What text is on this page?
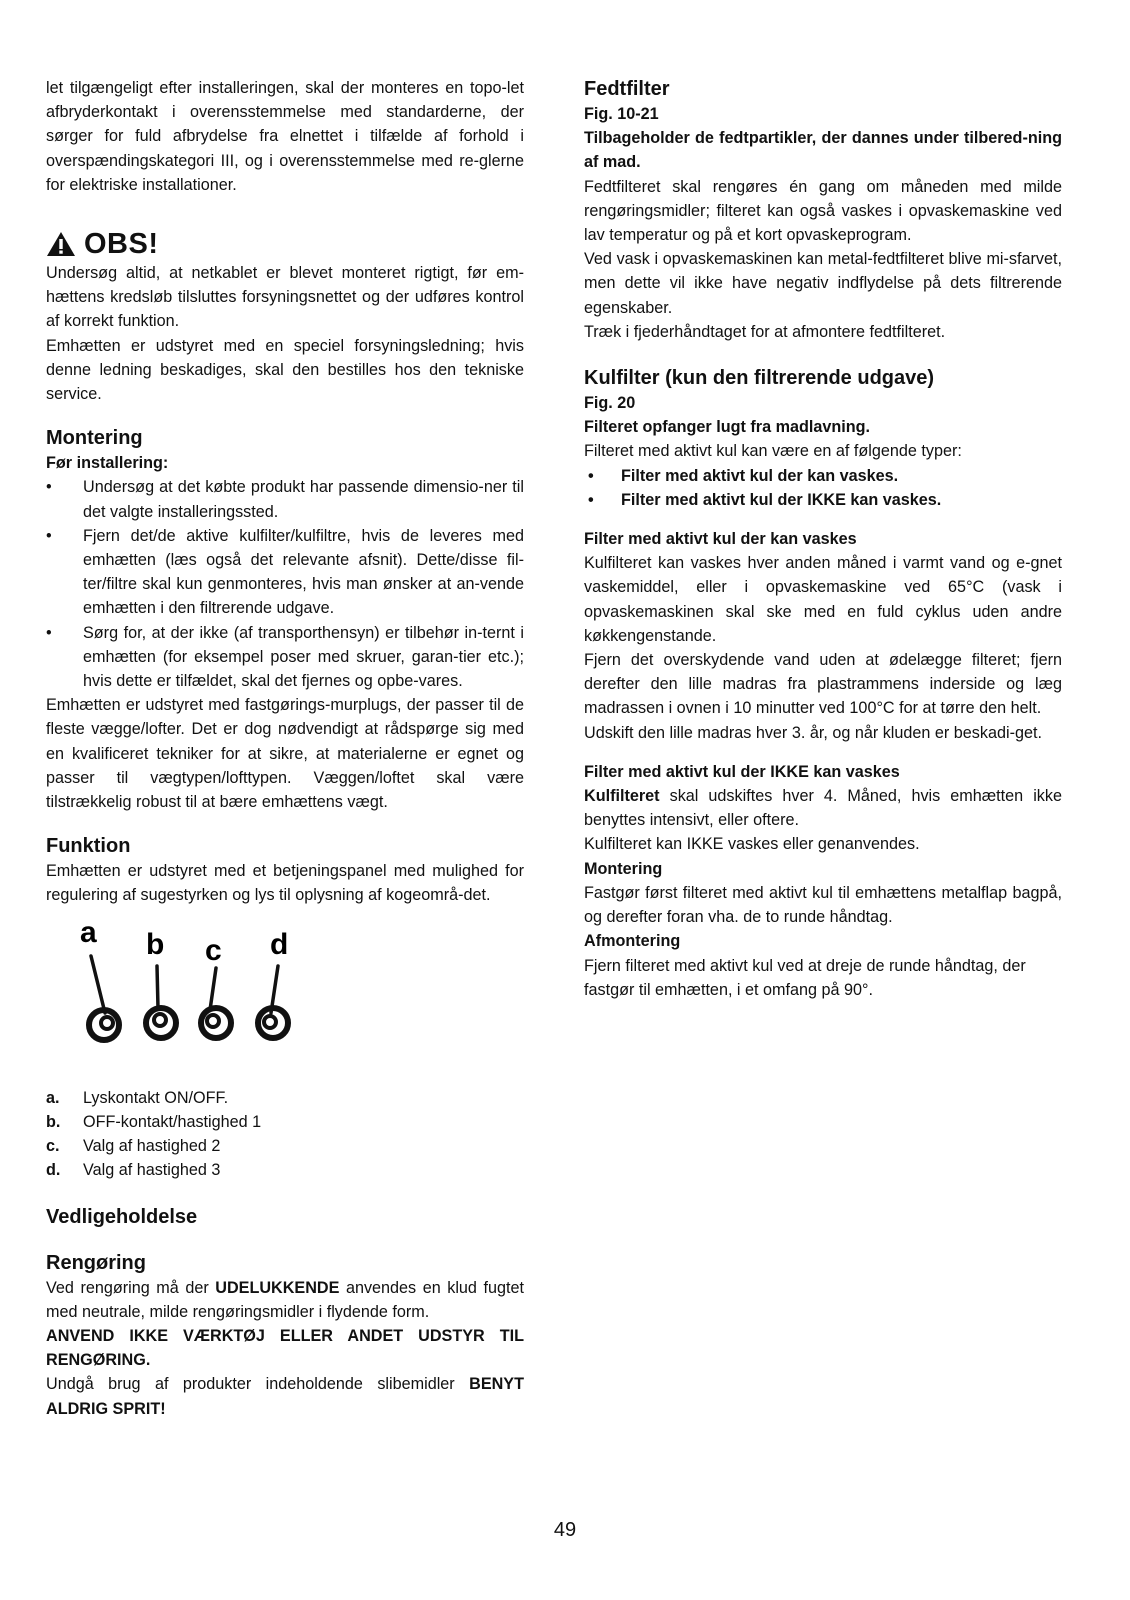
let tilgængeligt efter installeringen, skal der monteres en topo-let afbryderkontakt i overensstemmelse med standarderne, der sørger for fuld afbrydelse fra elnettet i tilfælde af forhold i overspændingskategori III, og i overensstemmelse med re-glerne for elektriske installationer.

OBS!

Undersøg altid, at netkablet er blevet monteret rigtigt, før em-hættens kredsløb tilsluttes forsyningsnettet og der udføres kontrol af korrekt funktion.

Emhætten er udstyret med en speciel forsyningsledning; hvis denne ledning beskadiges, skal den bestilles hos den tekniske service.

Montering

Før installering:

• Undersøg at det købte produkt har passende dimensio-ner til det valgte installeringssted.
• Fjern det/de aktive kulfilter/kulfiltre, hvis de leveres med emhætten (læs også det relevante afsnit). Dette/disse fil-ter/filtre skal kun genmonteres, hvis man ønsker at an-vende emhætten i den filtrerende udgave.
• Sørg for, at der ikke (af transporthensyn) er tilbehør in-ternt i emhætten (for eksempel poser med skruer, garan-tier etc.); hvis dette er tilfældet, skal det fjernes og opbe-vares.

Emhætten er udstyret med fastgørings-murplugs, der passer til de fleste vægge/lofter. Det er dog nødvendigt at rådspørge sig med en kvalificeret tekniker for at sikre, at materialerne er egnet og passer til vægtypen/lofttypen. Væggen/loftet skal være tilstrækkelig robust til at bære emhættens vægt.

Funktion

Emhætten er udstyret med et betjeningspanel med mulighed for regulering af sugestyrken og lys til oplysning af kogeområ-det.

a b c d
a.	Lyskontakt ON/OFF.
b.	OFF-kontakt/hastighed 1
c.	Valg af hastighed 2
d.	Valg af hastighed 3
Vedligeholdelse
Rengøring

Ved rengøring må der UDELUKKENDE anvendes en klud fugtet med neutrale, milde rengøringsmidler i flydende form.

ANVEND IKKE VÆRKTØJ ELLER ANDET UDSTYR TIL RENGØRING.

Undgå brug af produkter indeholdende slibemidler BENYT ALDRIG SPRIT!

Fedtfilter

Fig. 10-21

Tilbageholder de fedtpartikler, der dannes under tilbered-ning af mad.

Fedtfilteret skal rengøres én gang om måneden med milde rengøringsmidler; filteret kan også vaskes i opvaskemaskine ved lav temperatur og på et kort opvaskeprogram.

Ved vask i opvaskemaskinen kan metal-fedtfilteret blive mi-sfarvet, men dette vil ikke have negativ indflydelse på dets filtrerende egenskaber.

Træk i fjederhåndtaget for at afmontere fedtfilteret.

Kulfilter (kun den filtrerende udgave)

Fig. 20

Filteret opfanger lugt fra madlavning.

Filteret med aktivt kul kan være en af følgende typer:

• Filter med aktivt kul der kan vaskes.
• Filter med aktivt kul der IKKE kan vaskes.

Filter med aktivt kul der kan vaskes

Kulfilteret kan vaskes hver anden måned i varmt vand og e-gnet vaskemiddel, eller i opvaskemaskine ved 65°C (vask i opvaskemaskinen skal ske med en fuld cyklus uden andre køkkengenstande.

Fjern det overskydende vand uden at ødelægge filteret; fjern derefter den lille madras fra plastrammens inderside og læg madrassen i ovnen i 10 minutter ved 100°C for at tørre den helt.

Udskift den lille madras hver 3. år, og når kluden er beskadi-get.

Filter med aktivt kul der IKKE kan vaskes

Kulfilteret skal udskiftes hver 4. Måned, hvis emhætten ikke benyttes intensivt, eller oftere.

Kulfilteret kan IKKE vaskes eller genanvendes.

Montering

Fastgør først filteret med aktivt kul til emhættens metalflap bagpå, og derefter foran vha. de to runde håndtag.

Afmontering

Fjern filteret med aktivt kul ved at dreje de runde håndtag, der fastgør til emhætten, i et omfang på 90°.

49
